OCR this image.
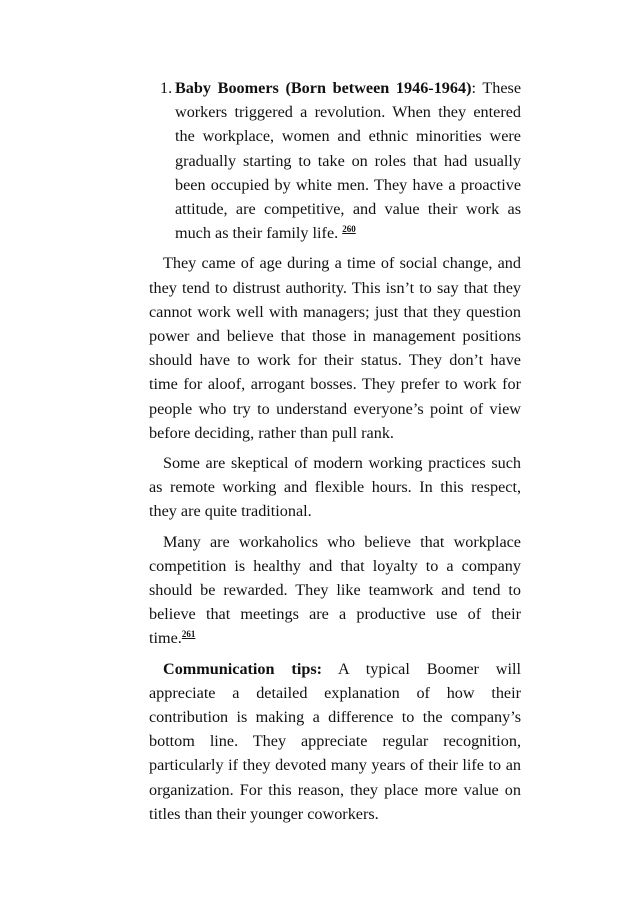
1. Baby Boomers (Born between 1946-1964): These workers triggered a revolution. When they entered the workplace, women and ethnic minorities were gradually starting to take on roles that had usually been occupied by white men. They have a proactive attitude, are competitive, and value their work as much as their family life. $^{260}$

They came of age during a time of social change, and they tend to distrust authority. This isn’t to say that they cannot work well with managers; just that they question power and believe that those in management positions should have to work for their status. They don’t have time for aloof, arrogant bosses. They prefer to work for people who try to understand everyone’s point of view before deciding, rather than pull rank.

Some are skeptical of modern working practices such as remote working and flexible hours. In this respect, they are quite traditional.

Many are workaholics who believe that workplace competition is healthy and that loyalty to a company should be rewarded. They like teamwork and tend to believe that meetings are a productive use of their time.$^{261}$

Communication tips: A typical Boomer will appreciate a detailed explanation of how their contribution is making a difference to the company’s bottom line. They appreciate regular recognition, particularly if they devoted many years of their life to an organization. For this reason, they place more value on titles than their younger coworkers.
